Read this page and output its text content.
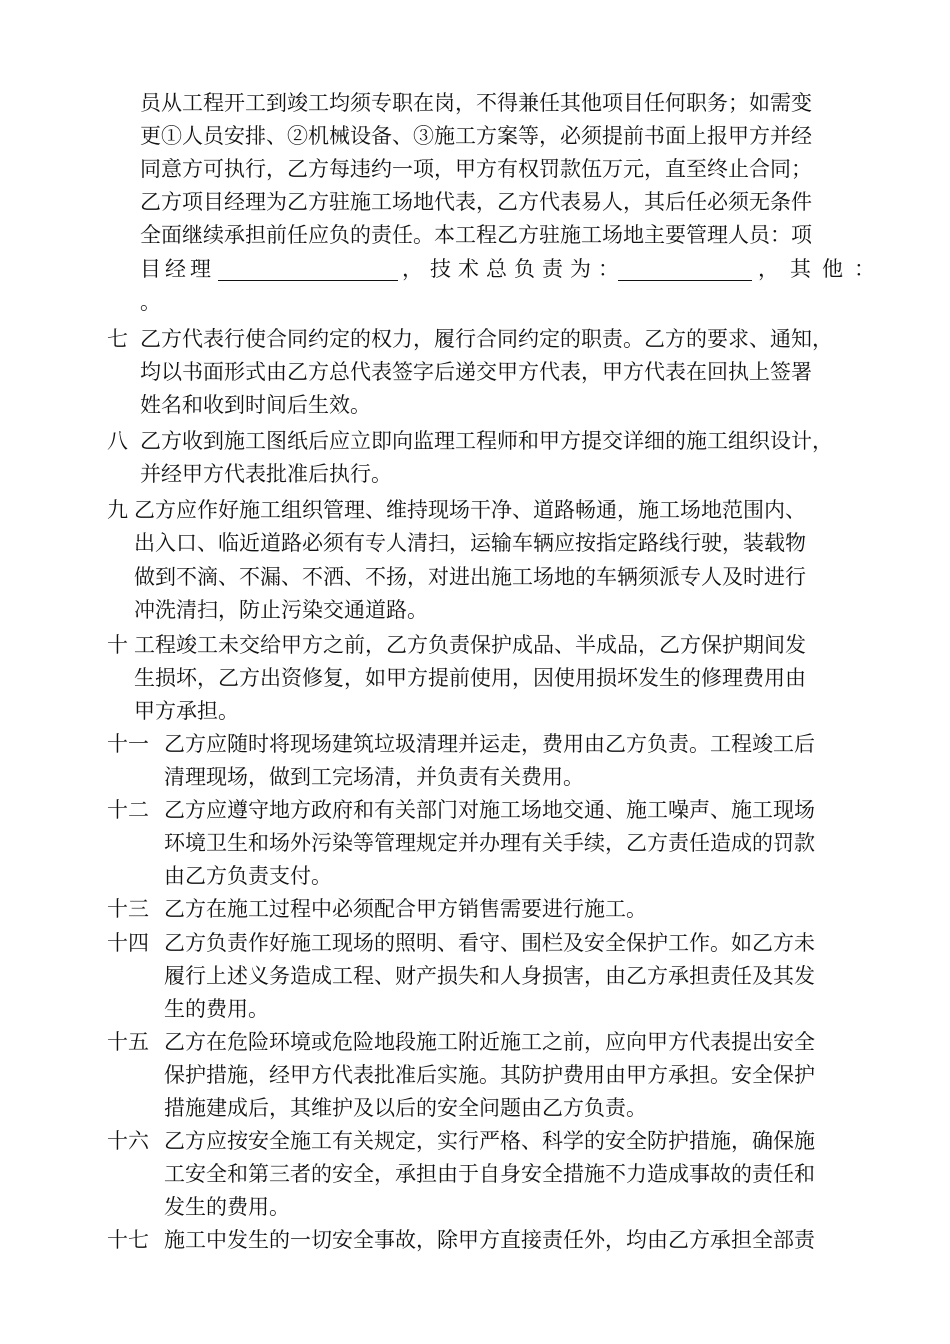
员从工程开工到竣工均须专职在岗，不得兼任其他项目任何职务；如需变
更①人员安排、②机械设备、③施工方案等，必须提前书面上报甲方并经
同意方可执行，乙方每违约一项，甲方有权罚款伍万元，直至终止合同；
乙方项目经理为乙方驻施工场地代表，乙方代表易人，其后任必须无条件
全面继续承担前任应负的责任。本工程乙方驻施工场地主要管理人员：项
目经理	，技术总负责为：	，其他：
。
七 乙方代表行使合同约定的权力，履行合同约定的职责。乙方的要求、通知，
均以书面形式由乙方总代表签字后递交甲方代表，甲方代表在回执上签署
姓名和收到时间后生效。
八 乙方收到施工图纸后应立即向监理工程师和甲方提交详细的施工组织设计，
并经甲方代表批准后执行。
九 乙方应作好施工组织管理、维持现场干净、道路畅通，施工场地范围内、
出入口、临近道路必须有专人清扫，运输车辆应按指定路线行驶，装载物
做到不滴、不漏、不洒、不扬，对进出施工场地的车辆须派专人及时进行
冲洗清扫，防止污染交通道路。
十 工程竣工未交给甲方之前，乙方负责保护成品、半成品，乙方保护期间发
生损坏，乙方出资修复，如甲方提前使用，因使用损坏发生的修理费用由
甲方承担。
十一 乙方应随时将现场建筑垃圾清理并运走，费用由乙方负责。工程竣工后
清理现场，做到工完场清，并负责有关费用。
十二 乙方应遵守地方政府和有关部门对施工场地交通、施工噪声、施工现场
环境卫生和场外污染等管理规定并办理有关手续，乙方责任造成的罚款
由乙方负责支付。
十三 乙方在施工过程中必须配合甲方销售需要进行施工。
十四 乙方负责作好施工现场的照明、看守、围栏及安全保护工作。如乙方未
履行上述义务造成工程、财产损失和人身损害，由乙方承担责任及其发
生的费用。
十五 乙方在危险环境或危险地段施工附近施工之前，应向甲方代表提出安全
保护措施，经甲方代表批准后实施。其防护费用由甲方承担。安全保护
措施建成后，其维护及以后的安全问题由乙方负责。
十六 乙方应按安全施工有关规定，实行严格、科学的安全防护措施，确保施
工安全和第三者的安全，承担由于自身安全措施不力造成事故的责任和
发生的费用。
十七 施工中发生的一切安全事故，除甲方直接责任外，均由乙方承担全部责
